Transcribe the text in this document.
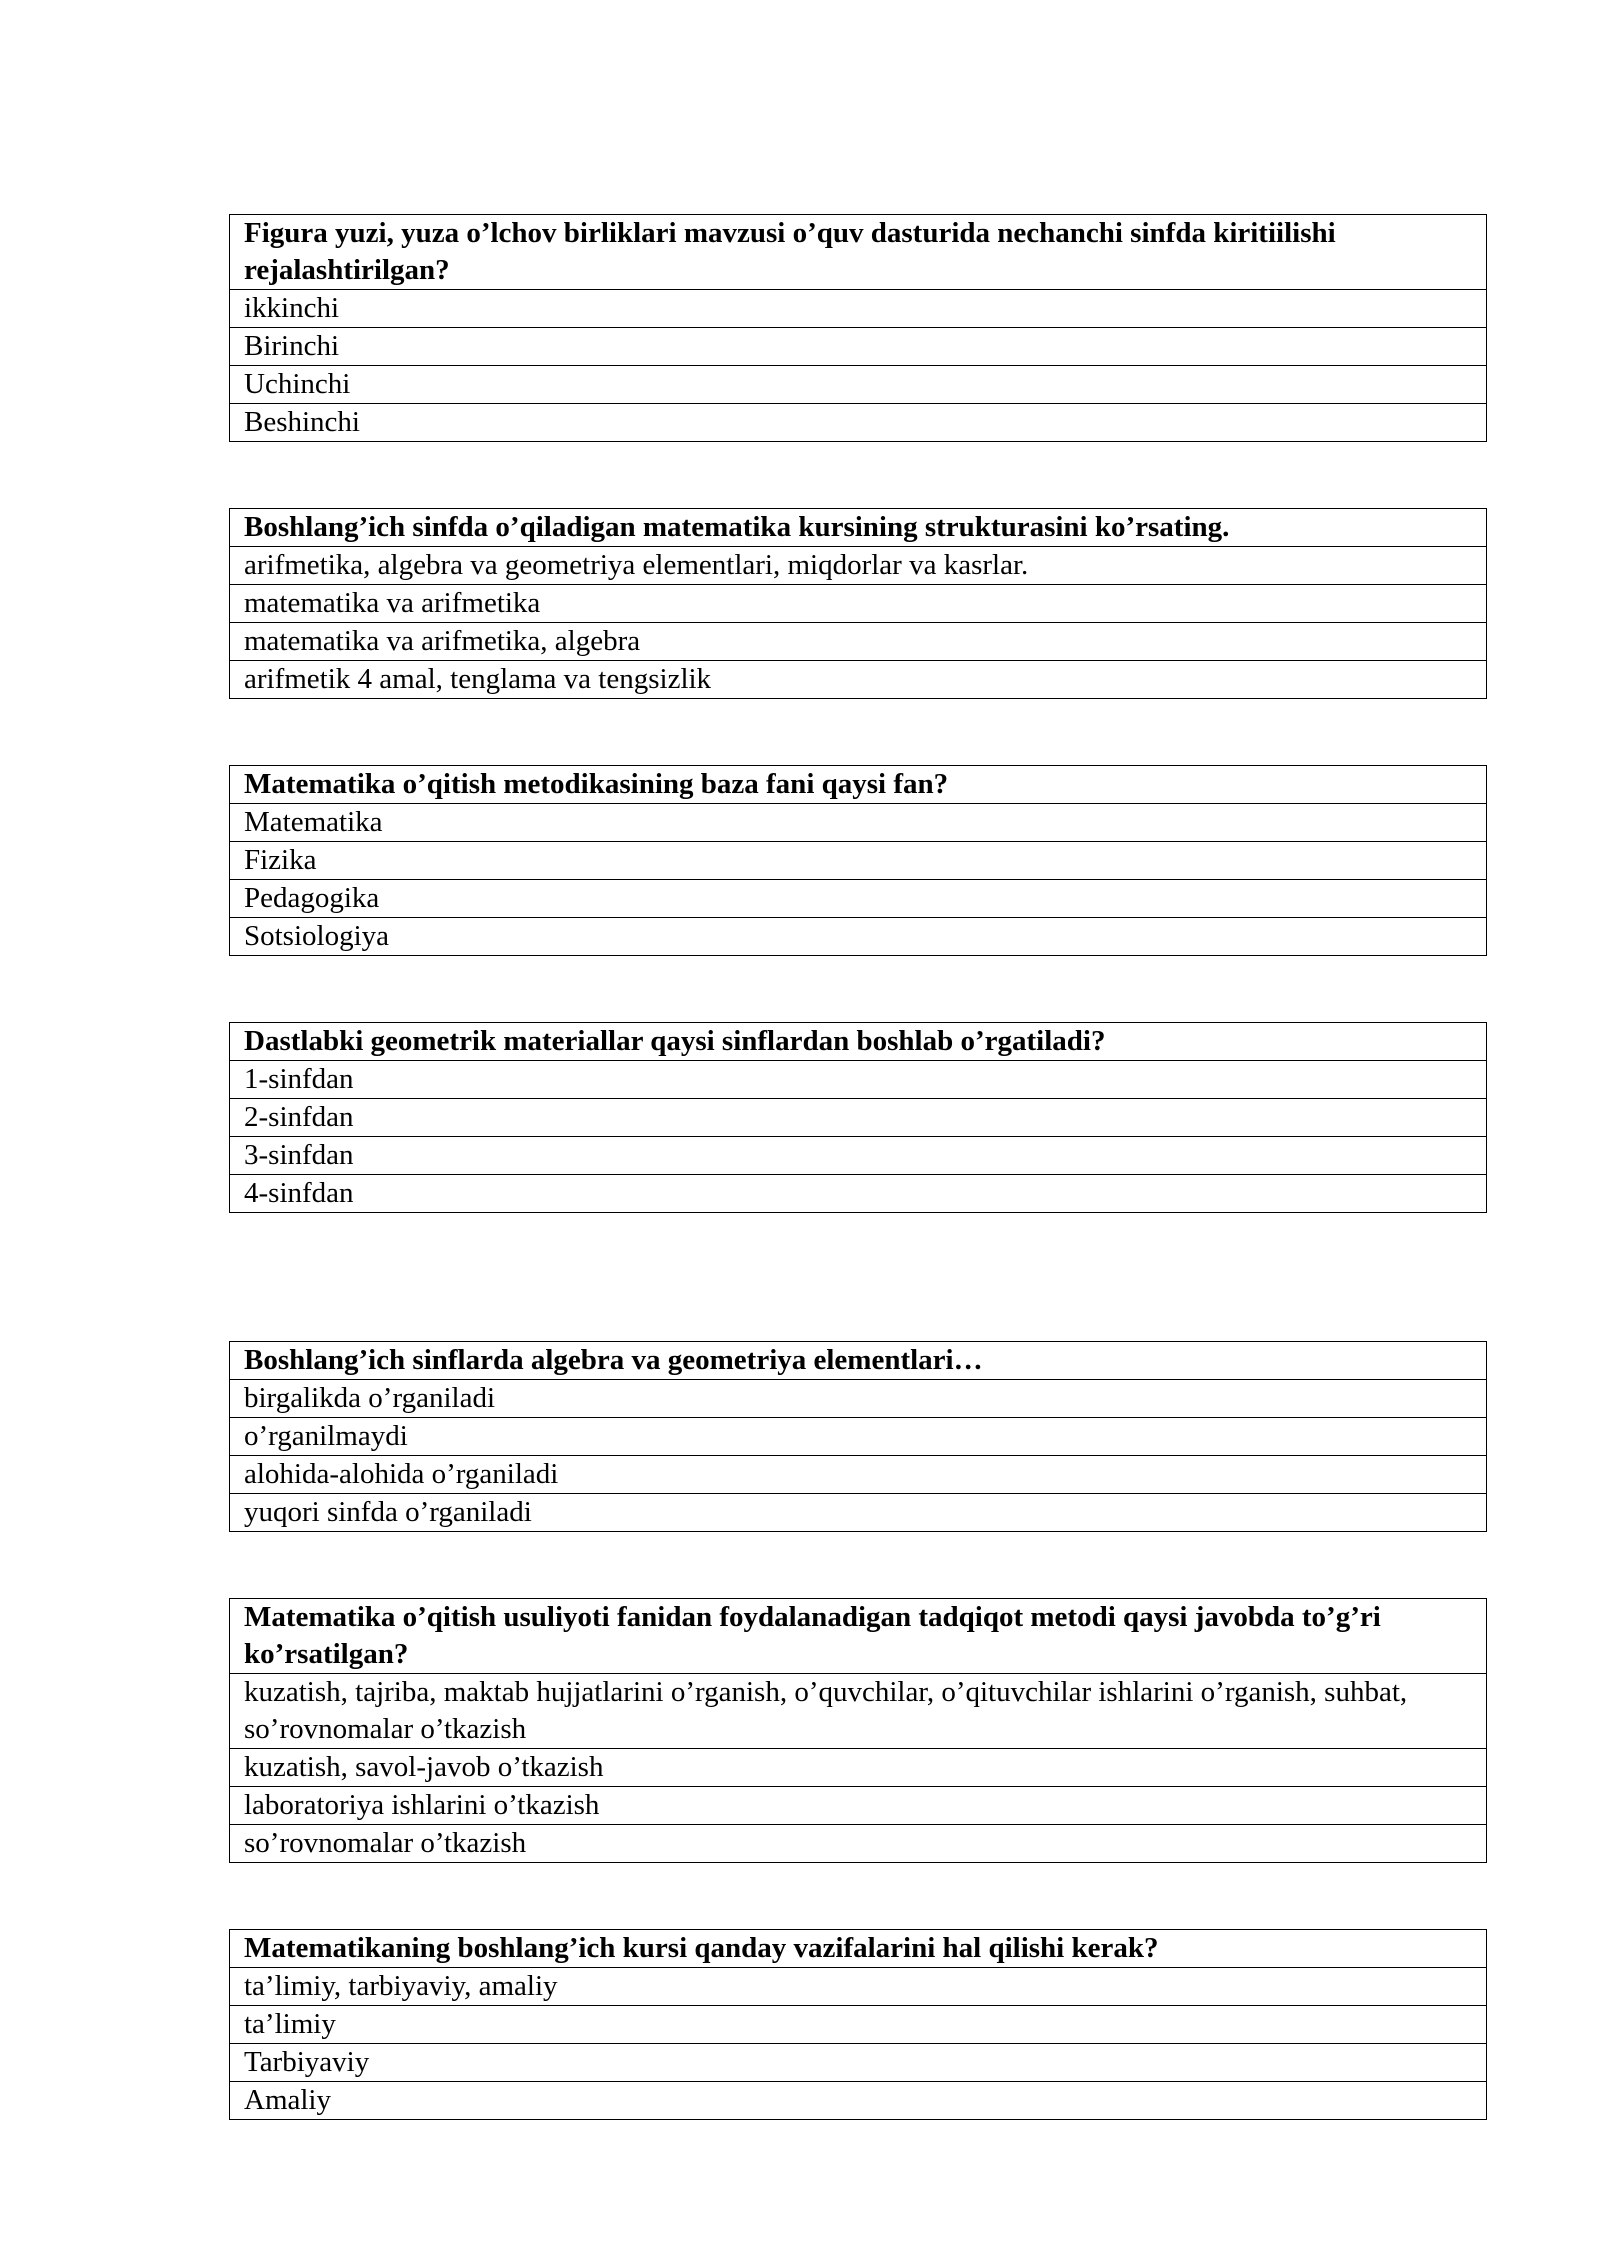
Figura yuzi, yuza o’lchov birliklari mavzusi o’quv dasturida nechanchi sinfda kiritiilishi rejalashtirilgan?
ikkinchi
Birinchi
Uchinchi
Beshinchi
Boshlang’ich sinfda o’qiladigan matematika kursining strukturasini ko’rsating.
arifmetika, algebra va geometriya elementlari, miqdorlar va kasrlar.
matematika va arifmetika
matematika va arifmetika, algebra
arifmetik 4 amal, tenglama va tengsizlik
Matematika o’qitish metodikasining baza fani qaysi fan?
Matematika
Fizika
Pedagogika
Sotsiologiya
Dastlabki geometrik materiallar qaysi sinflardan boshlab o’rgatiladi?
1-sinfdan
2-sinfdan
3-sinfdan
4-sinfdan
Boshlang’ich sinflarda algebra va geometriya elementlari…
birgalikda o’rganiladi
o’rganilmaydi
alohida-alohida o’rganiladi
yuqori sinfda o’rganiladi
Matematika o’qitish usuliyoti fanidan foydalanadigan tadqiqot metodi qaysi javobda to’g’ri ko’rsatilgan?
kuzatish, tajriba, maktab hujjatlarini o’rganish, o’quvchilar, o’qituvchilar ishlarini o’rganish, suhbat, so’rovnomalar o’tkazish
kuzatish, savol-javob o’tkazish
laboratoriya ishlarini o’tkazish
so’rovnomalar o’tkazish
Matematikaning boshlang’ich kursi qanday vazifalarini hal qilishi kerak?
ta’limiy, tarbiyaviy, amaliy
ta’limiy
Tarbiyaviy
Amaliy
